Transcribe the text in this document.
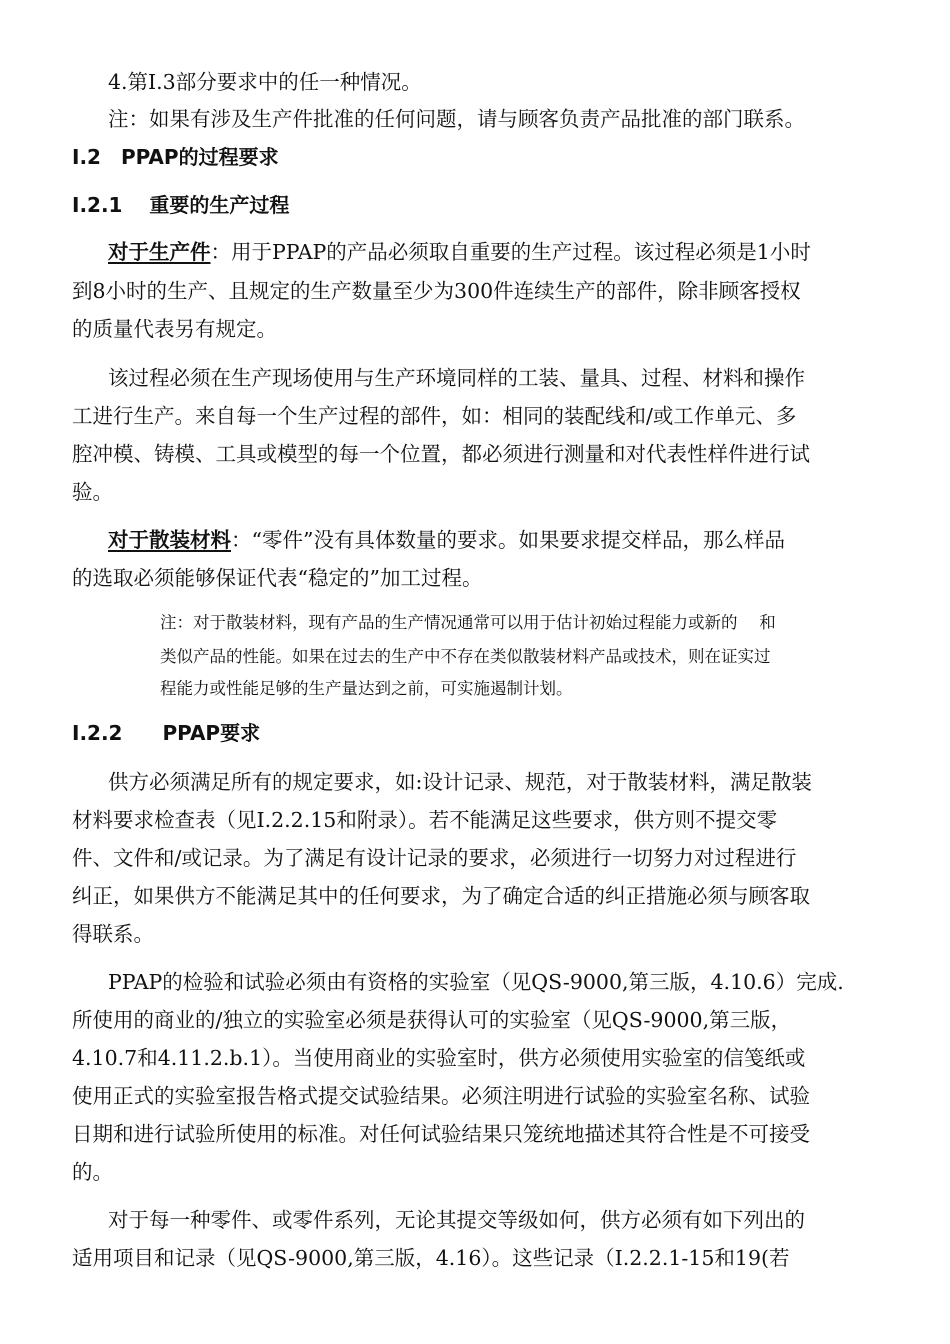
4.第Ⅰ.3部分要求中的任一种情况。
注：如果有涉及生产件批准的任何问题，请与顾客负责产品批准的部门联系。
Ⅰ.2　PPAP的过程要求
Ⅰ.2.1　 重要的生产过程
对于生产件：用于PPAP的产品必须取自重要的生产过程。该过程必须是1小时
到8小时的生产、且规定的生产数量至少为300件连续生产的部件，除非顾客授权
的质量代表另有规定。
该过程必须在生产现场使用与生产环境同样的工装、量具、过程、材料和操作
工进行生产。来自每一个生产过程的部件，如：相同的装配线和/或工作单元、多
腔冲模、铸模、工具或模型的每一个位置，都必须进行测量和对代表性样件进行试
验。
对于散装材料：“零件”没有具体数量的要求。如果要求提交样品，那么样品
的选取必须能够保证代表“稳定的”加工过程。
注：对于散装材料，现有产品的生产情况通常可以用于估计初始过程能力或新的　 和
类似产品的性能。如果在过去的生产中不存在类似散装材料产品或技术，则在证实过
程能力或性能足够的生产量达到之前，可实施遏制计划。
Ⅰ.2.2　　PPAP要求
供方必须满足所有的规定要求，如:设计记录、规范，对于散装材料，满足散装
材料要求检查表（见Ⅰ.2.2.15和附录）。若不能满足这些要求，供方则不提交零
件、文件和/或记录。为了满足有设计记录的要求，必须进行一切努力对过程进行
纠正，如果供方不能满足其中的任何要求，为了确定合适的纠正措施必须与顾客取
得联系。
PPAP的检验和试验必须由有资格的实验室（见QS-9000,第三版，4.10.6）完成.
所使用的商业的/独立的实验室必须是获得认可的实验室（见QS-9000,第三版，
4.10.7和4.11.2.b.1）。当使用商业的实验室时，供方必须使用实验室的信笺纸或
使用正式的实验室报告格式提交试验结果。必须注明进行试验的实验室名称、试验
日期和进行试验所使用的标准。对任何试验结果只笼统地描述其符合性是不可接受
的。
对于每一种零件、或零件系列，无论其提交等级如何，供方必须有如下列出的
适用项目和记录（见QS-9000,第三版，4.16）。这些记录（Ⅰ.2.2.1-15和19(若
